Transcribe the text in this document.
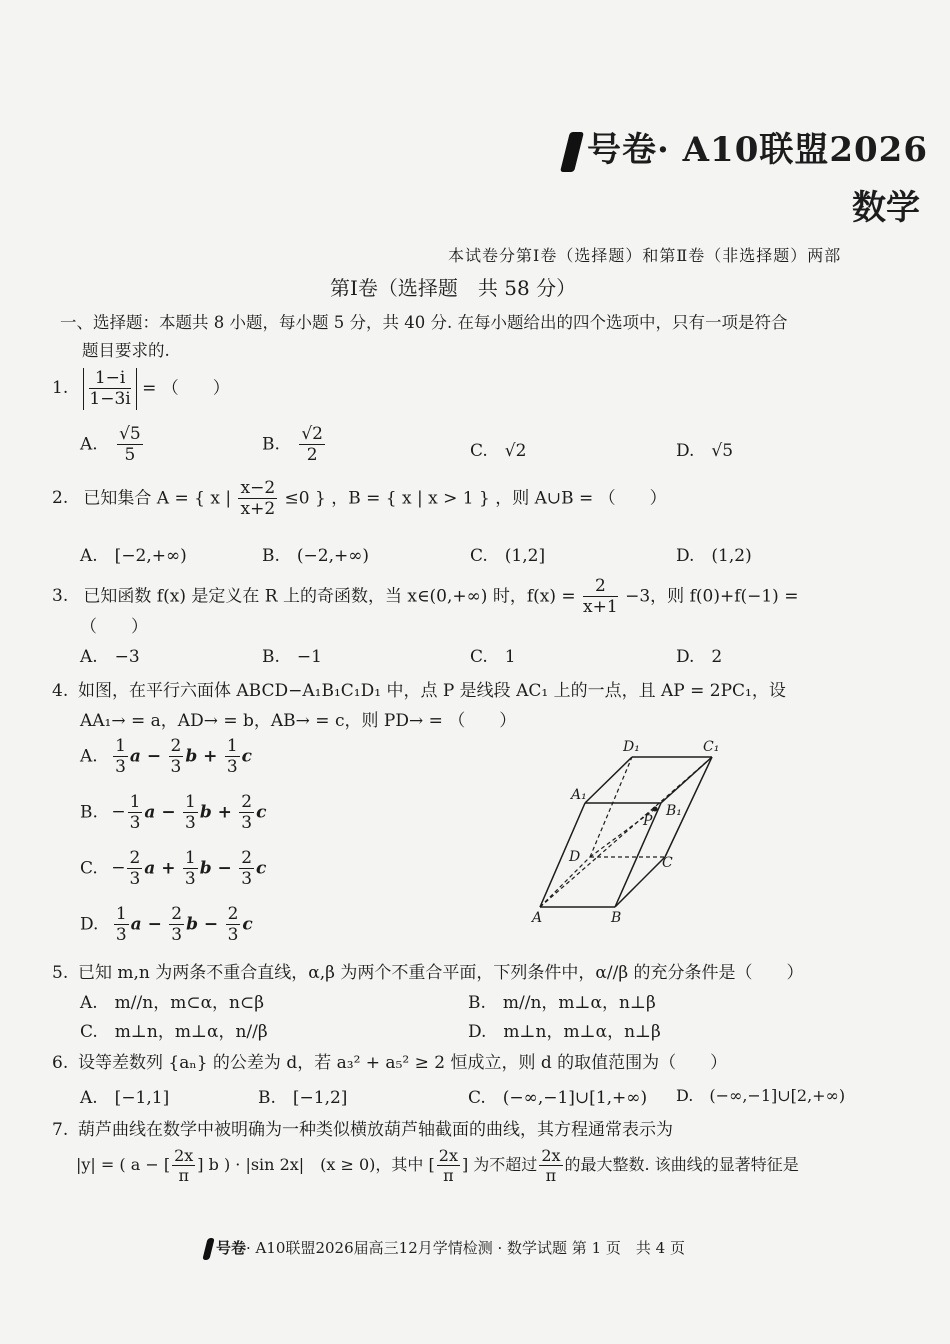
号卷· A10联盟2026
数学
本试卷分第Ⅰ卷（选择题）和第Ⅱ卷（非选择题）两部
第Ⅰ卷（选择题　共 58 分）
一、选择题：本题共 8 小题，每小题 5 分，共 40 分. 在每小题给出的四个选项中，只有一项是符合
题目要求的.
1. $\frac{1-i}{1-3i}$ = （　　）
A. $\frac{√5}{5}$	B. $\frac{√2}{2}$	C.　√2	D.　√5
2. 已知集合 A = { x | $\frac{x-2}{x+2} \le 0$ } ，B = { x | x > 1 } ，则 A∪B = （　　）
A.　[−2,+∞)	B.　(−2,+∞)	C.　(1,2]	D.　(1,2)
3. 已知函数 f(x) 是定义在 R 上的奇函数，当 x∈(0,+∞) 时，$f(x) = \frac{2}{x+1} -3$，则 f(0)+f(−1) =
（　　）
A.　−3	B.　−1	C.　1	D.　2
4. 如图，在平行六面体 ABCD−A₁B₁C₁D₁ 中，点 P 是线段 AC₁ 上的一点，且 AP = 2PC₁，设
AA₁→ = a，AD→ = b，AB→ = c，则 PD→ = （　　）
A. $\frac{1}{3}$ $a - \frac{2}{3}$ $b + \frac{1}{3}$ c
B. − $\frac{1}{3}$ $a - \frac{1}{3}$ $b + \frac{2}{3}$ c
C. − $\frac{2}{3}$ $a + \frac{1}{3}$ $b - \frac{2}{3}$ c
D. $\frac{1}{3}$ $a - \frac{2}{3}$ $b - \frac{2}{3}$ c
D₁	C₁
A₁
B₁
P
D	C
A	B
5. 已知 m,n 为两条不重合直线，α,β 为两个不重合平面，下列条件中，α//β 的充分条件是（　　）
A.　m//n，m⊂α，n⊂β	B.　m//n，m⊥α，n⊥β
C.　m⊥n，m⊥α，n//β	D.　m⊥n，m⊥α，n⊥β
6. 设等差数列 {aₙ} 的公差为 d，若 a₃² + a₅² ≥ 2 恒成立，则 d 的取值范围为（　　）
A.　[−1,1]	B.　[−1,2]	C.　(−∞,−1]∪[1,+∞) D.　(−∞,−1]∪[2,+∞)
7. 葫芦曲线在数学中被明确为一种类似横放葫芦轴截面的曲线，其方程通常表示为
|y| = ( a − [ $\frac{2x}{\pi}$ ] b ) · |sin 2x|　(x ≥ 0)，其中 [ $\frac{2x}{\pi}$ ] 为不超过 $\frac{2x}{\pi}$ 的最大整数. 该曲线的显著特征是
号卷· A10联盟2026届高三12月学情检测 · 数学试题 第 1 页　共 4 页
